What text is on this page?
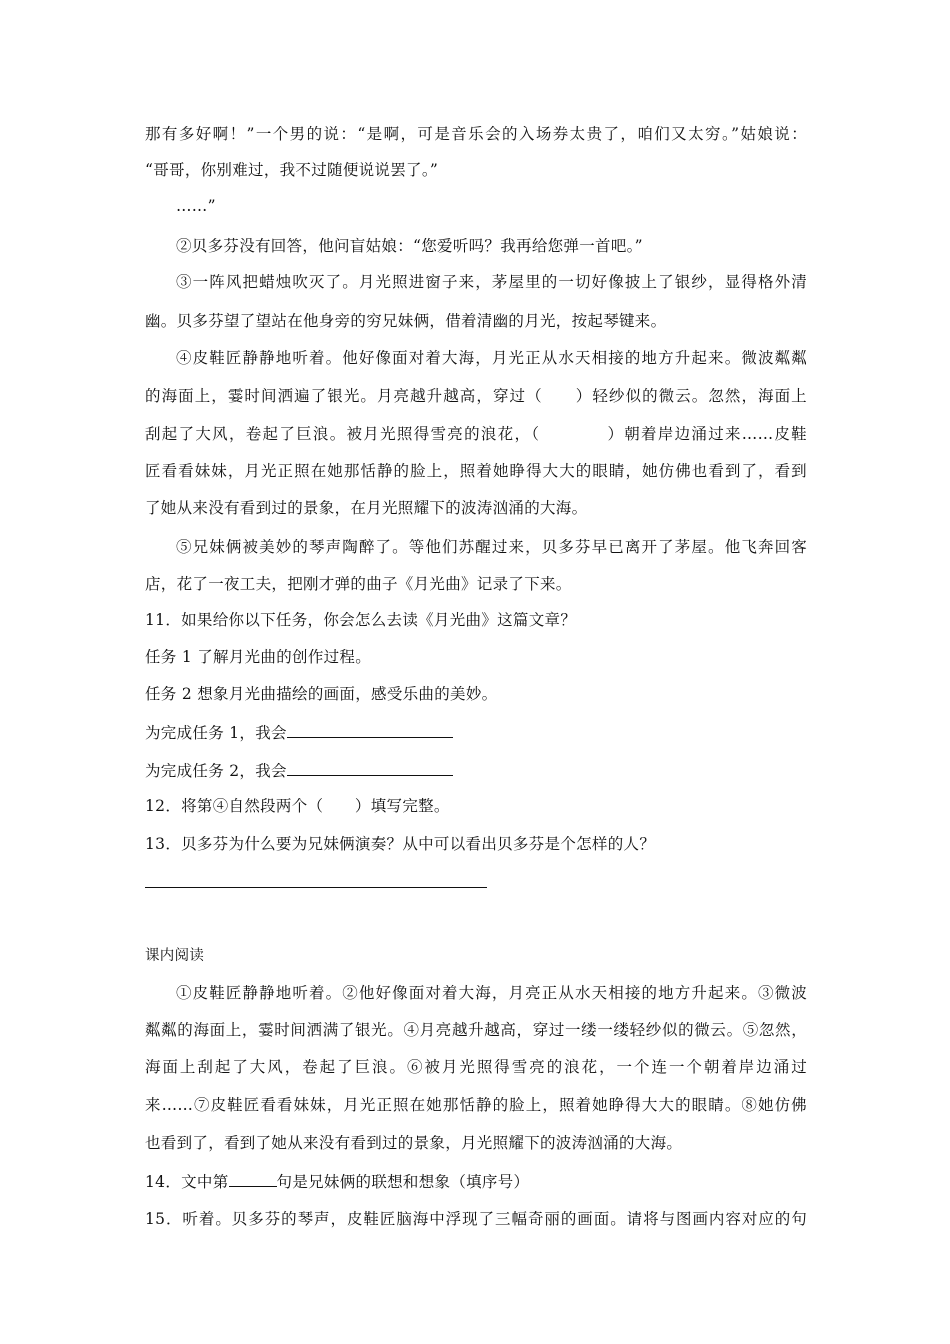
那有多好啊！”一个男的说：“是啊，可是音乐会的入场券太贵了，咱们又太穷。”姑娘说：
“哥哥，你别难过，我不过随便说说罢了。”
……”
②贝多芬没有回答，他问盲姑娘：“您爱听吗？我再给您弹一首吧。”
③一阵风把蜡烛吹灭了。月光照进窗子来，茅屋里的一切好像披上了银纱，显得格外清
幽。贝多芬望了望站在他身旁的穷兄妹俩，借着清幽的月光，按起琴键来。
④皮鞋匠静静地听着。他好像面对着大海，月光正从水天相接的地方升起来。微波粼粼
的海面上，霎时间洒遍了银光。月亮越升越高，穿过（　　）轻纱似的微云。忽然，海面上
刮起了大风，卷起了巨浪。被月光照得雪亮的浪花，（　　　　）朝着岸边涌过来……皮鞋
匠看看妹妹，月光正照在她那恬静的脸上，照着她睁得大大的眼睛，她仿佛也看到了，看到
了她从来没有看到过的景象，在月光照耀下的波涛汹涌的大海。
⑤兄妹俩被美妙的琴声陶醉了。等他们苏醒过来，贝多芬早已离开了茅屋。他飞奔回客
店，花了一夜工夫，把刚才弹的曲子《月光曲》记录了下来。
11．如果给你以下任务，你会怎么去读《月光曲》这篇文章？
任务 1 了解月光曲的创作过程。
任务 2 想象月光曲描绘的画面，感受乐曲的美妙。
为完成任务 1，我会
为完成任务 2，我会
12．将第④自然段两个（　　）填写完整。
13．贝多芬为什么要为兄妹俩演奏？从中可以看出贝多芬是个怎样的人？
课内阅读
①皮鞋匠静静地听着。②他好像面对着大海，月亮正从水天相接的地方升起来。③微波
粼粼的海面上，霎时间洒满了银光。④月亮越升越高，穿过一缕一缕轻纱似的微云。⑤忽然，
海面上刮起了大风，卷起了巨浪。⑥被月光照得雪亮的浪花，一个连一个朝着岸边涌过
来……⑦皮鞋匠看看妹妹，月光正照在她那恬静的脸上，照着她睁得大大的眼睛。⑧她仿佛
也看到了，看到了她从来没有看到过的景象，月光照耀下的波涛汹涌的大海。
14．文中第	句是兄妹俩的联想和想象（填序号）
15．听着。贝多芬的琴声，皮鞋匠脑海中浮现了三幅奇丽的画面。请将与图画内容对应的句
